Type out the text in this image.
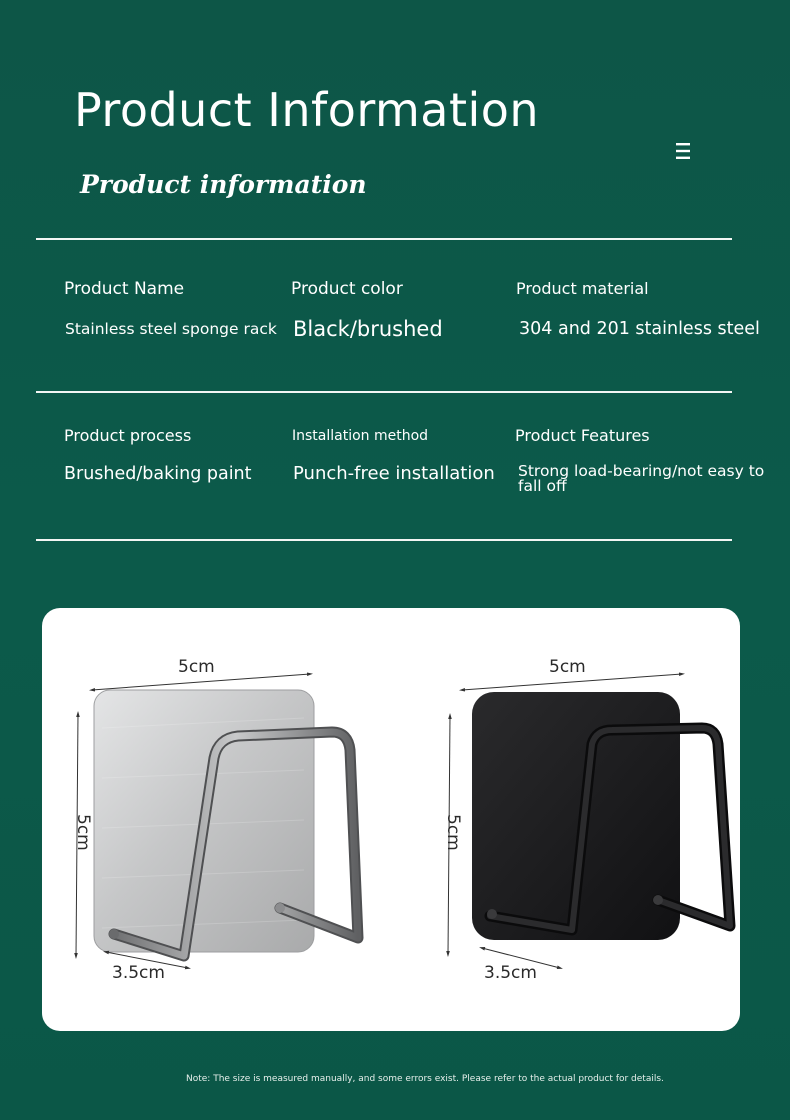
Product Information
Product information
Product Name
Stainless steel sponge rack
Product color
Black/brushed
Product material
304 and 201 stainless steel
Product process
Brushed/baking paint
Installation method
Punch-free installation
Product Features
Strong load-bearing/not easy to fall off
5cm
5cm
3.5cm
5cm
5cm
3.5cm
Note: The size is measured manually, and some errors exist. Please refer to the actual product for details.
